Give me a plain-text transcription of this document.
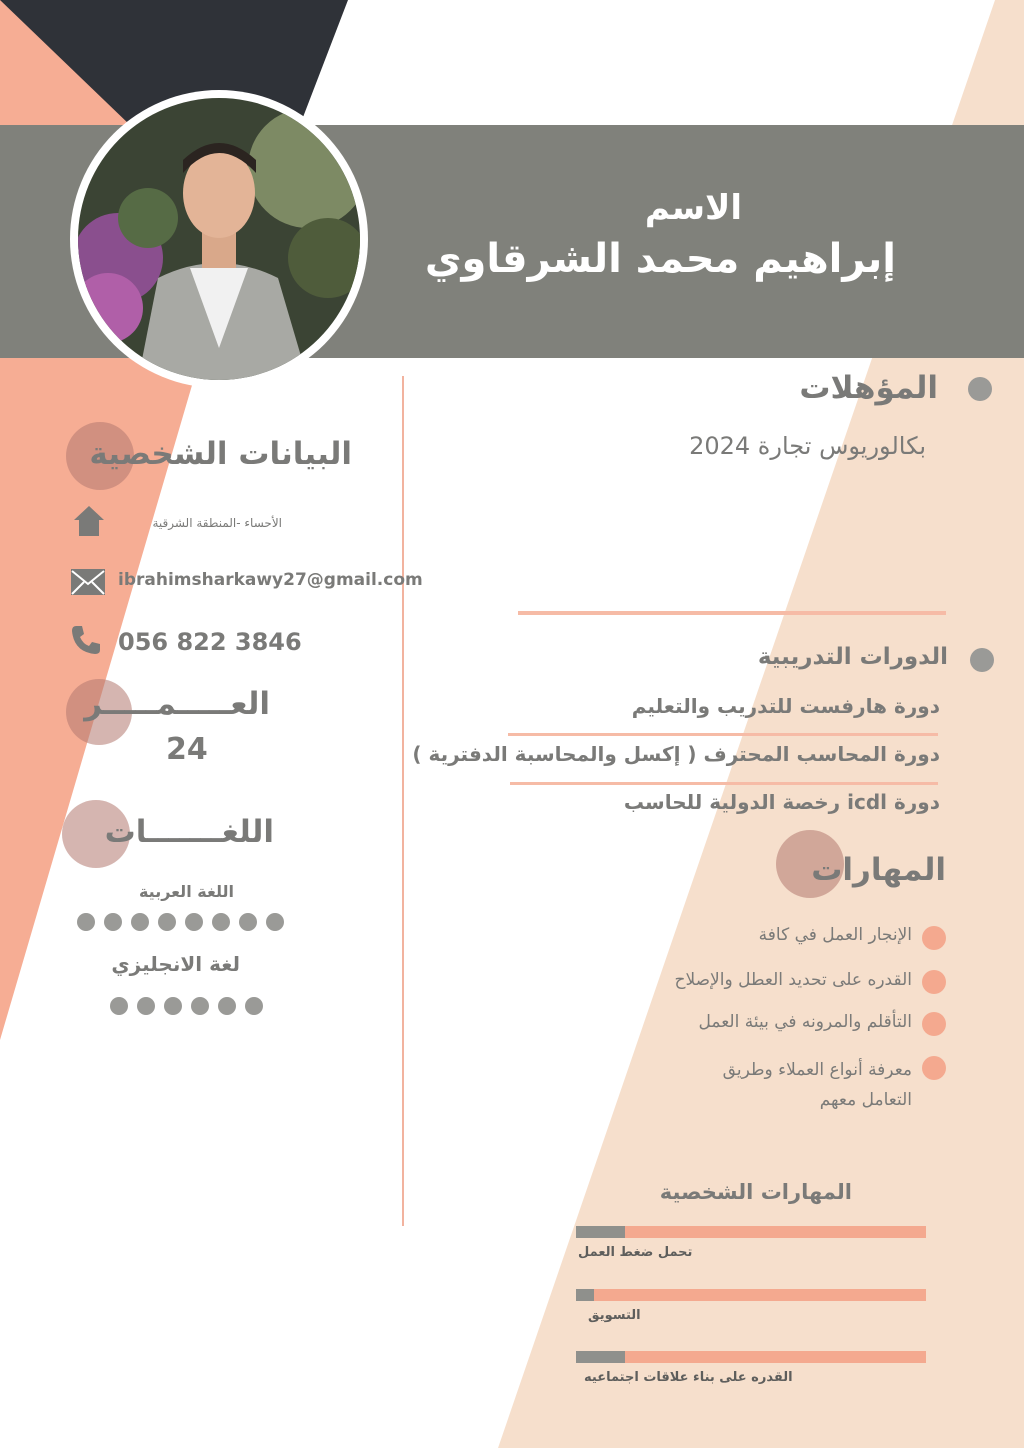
الاسم
إبراهيم محمد الشرقاوي
المؤهلات
بكالوريوس تجارة 2024
الدورات التدريبية
دورة هارفست للتدريب والتعليم
دورة المحاسب المحترف ( إكسل والمحاسبة الدفترية )
دورة icdl رخصة الدولية للحاسب
المهارات
الإنجار العمل في كافة
القدره على تحديد العطل والإصلاح
التأقلم والمرونه في بيئة العمل
معرفة أنواع العملاء وطريق التعامل معهم
المهارات الشخصية
تحمل ضغط العمل
التسويق
القدره على بناء علاقات اجتماعيه
البيانات الشخصية
الأحساء -المنطقة الشرقية
ibrahimsharkawy27@gmail.com
056 822 3846
العـــــمـــــر
24
اللغـــــــات
اللغة العربية
لغة الانجليزي
